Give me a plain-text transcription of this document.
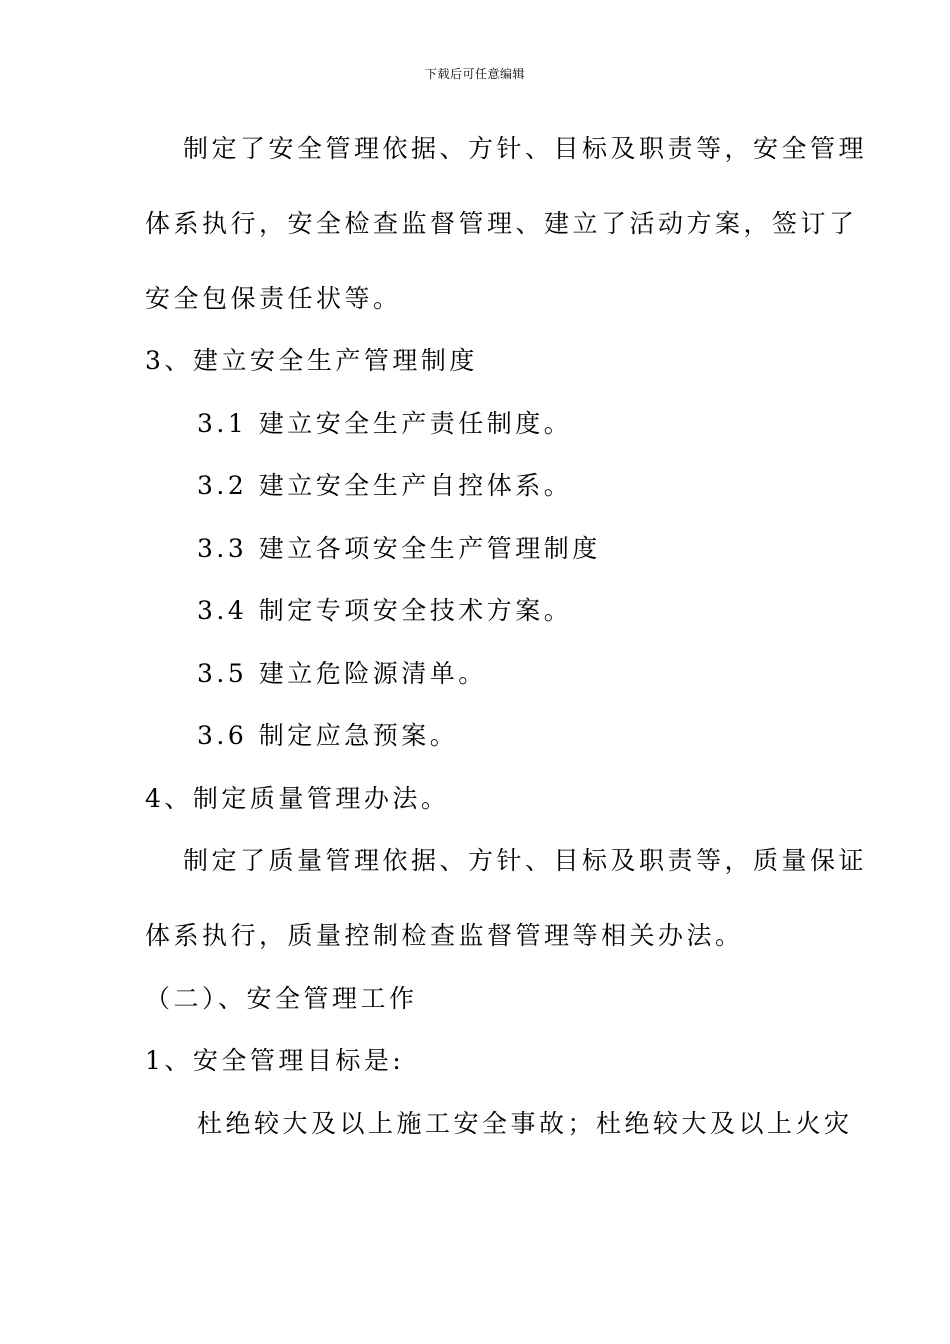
下载后可任意编辑
制定了安全管理依据、方针、目标及职责等，安全管理
体系执行，安全检查监督管理、建立了活动方案，签订了
安全包保责任状等。
3、建立安全生产管理制度
3.1 建立安全生产责任制度。
3.2 建立安全生产自控体系。
3.3 建立各项安全生产管理制度
3.4 制定专项安全技术方案。
3.5 建立危险源清单。
3.6 制定应急预案。
4、制定质量管理办法。
制定了质量管理依据、方针、目标及职责等，质量保证
体系执行，质量控制检查监督管理等相关办法。
（二）、安全管理工作
1、安全管理目标是:
杜绝较大及以上施工安全事故；杜绝较大及以上火灾
